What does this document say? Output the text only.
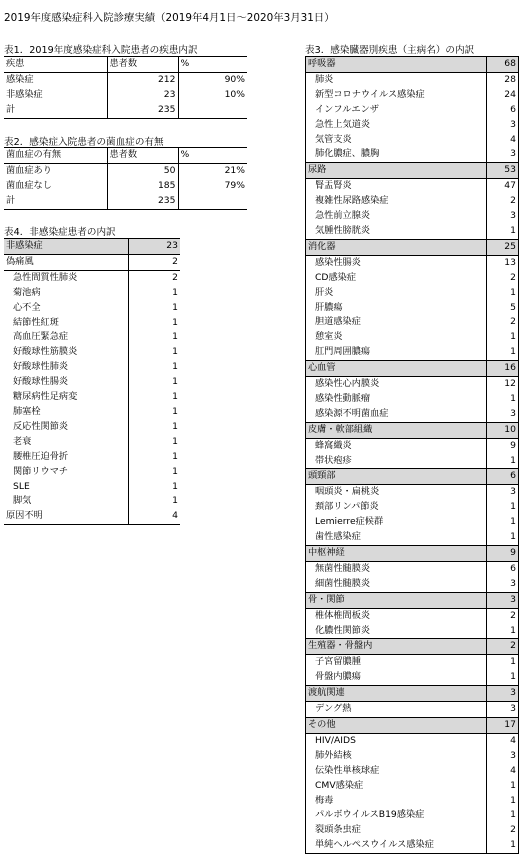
2019年度感染症科入院診療実績（2019年4月1日〜2020年3月31日）
表1．2019年度感染症科入院患者の疾患内訳
疾患	患者数	%
感染症	212	90%
非感染症	23	10%
計	235	
表2．感染症入院患者の菌血症の有無
菌血症の有無	患者数	%
菌血症あり	50	21%
菌血症なし	185	79%
計	235	
表4．非感染症患者の内訳
非感染症	23
偽痛風	2
急性間質性肺炎	2
菊池病	1
心不全	1
結節性紅斑	1
高血圧緊急症	1
好酸球性筋膜炎	1
好酸球性肺炎	1
好酸球性腸炎	1
糖尿病性足病変	1
肺塞栓	1
反応性関節炎	1
老衰	1
腰椎圧迫骨折	1
関節リウマチ	1
SLE	1
脚気	1
原因不明	4
表3．感染臓器別疾患（主病名）の内訳
呼吸器	68
肺炎	28
新型コロナウイルス感染症	24
インフルエンザ	6
急性上気道炎	3
気管支炎	4
肺化膿症、膿胸	3
尿路	53
腎盂腎炎	47
複雑性尿路感染症	2
急性前立腺炎	3
気腫性膀胱炎	1
消化器	25
感染性腸炎	13
CD感染症	2
肝炎	1
肝膿瘍	5
胆道感染症	2
憩室炎	1
肛門周囲膿瘍	1
心血管	16
感染性心内膜炎	12
感染性動脈瘤	1
感染源不明菌血症	3
皮膚・軟部組織	10
蜂窩織炎	9
帯状疱疹	1
頭頸部	6
咽頭炎・扁桃炎	3
頚部リンパ節炎	1
Lemierre症候群	1
歯性感染症	1
中枢神経	9
無菌性髄膜炎	6
細菌性髄膜炎	3
骨・関節	3
椎体椎間板炎	2
化膿性関節炎	1
生殖器・骨盤内	2
子宮留膿腫	1
骨盤内膿瘍	1
渡航関連	3
デング熱	3
その他	17
HIV/AIDS	4
肺外結核	3
伝染性単核球症	4
CMV感染症	1
梅毒	1
パルボウイルスB19感染症	1
裂頭条虫症	2
単純ヘルペスウイルス感染症	1
